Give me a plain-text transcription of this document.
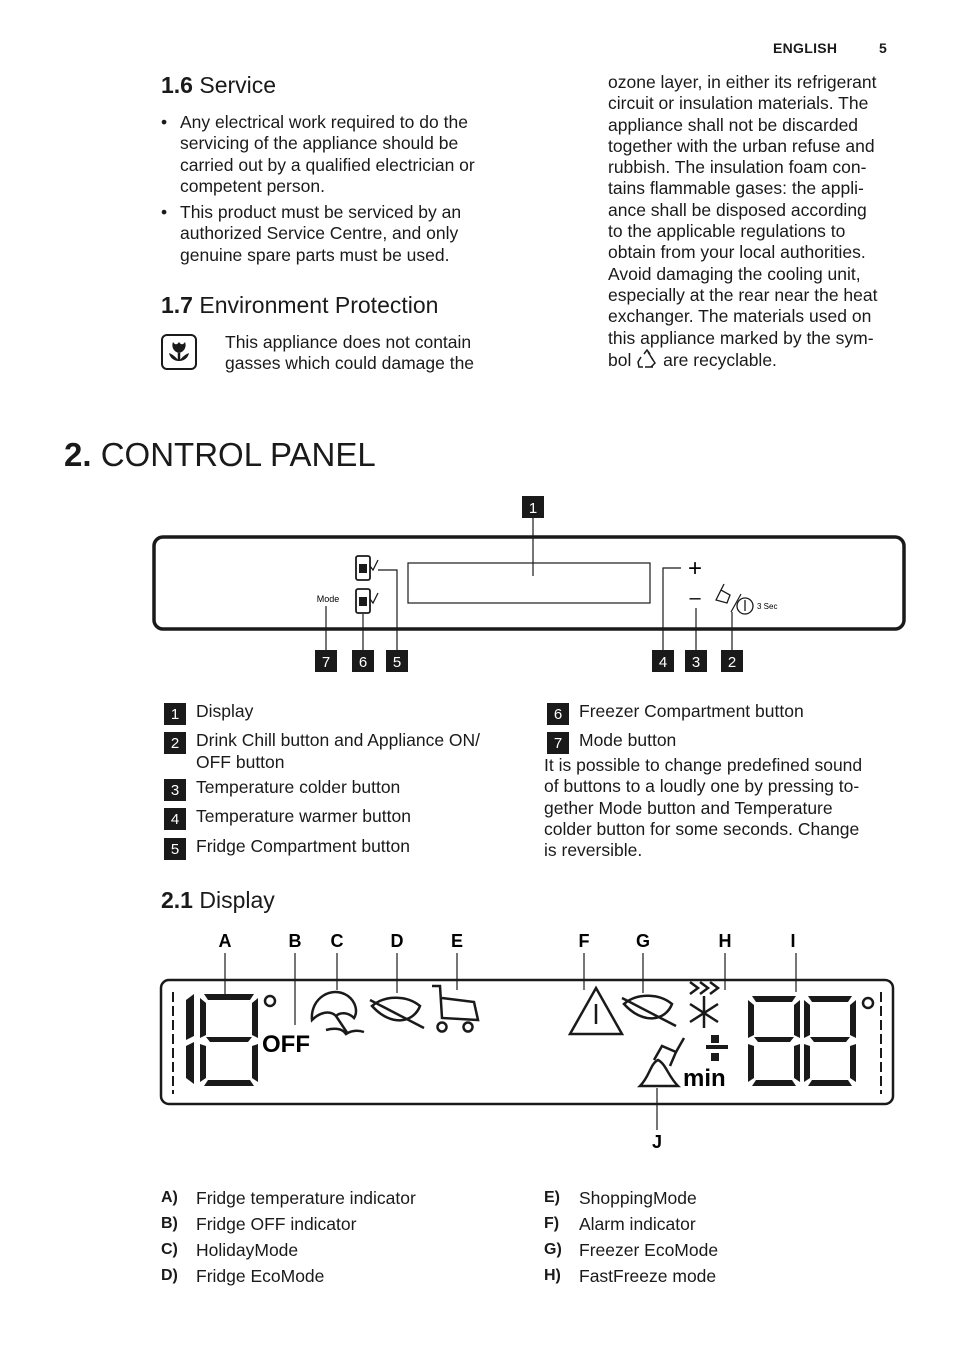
ENGLISH	5
1.6 Service
• Any electrical work required to do the
servicing of the appliance should be
carried out by a qualified electrician or
competent person.
• This product must be serviced by an
authorized Service Centre, and only
genuine spare parts must be used.
1.7 Environment Protection
This appliance does not contain
gasses which could damage the
ozone layer, in either its refrigerant
circuit or insulation materials. The
appliance shall not be discarded
together with the urban refuse and
rubbish. The insulation foam con-
tains flammable gases: the appli-
ance shall be disposed according
to the applicable regulations to
obtain from your local authorities.
Avoid damaging the cooling unit,
especially at the rear near the heat
exchanger. The materials used on
this appliance marked by the sym-
bol are recyclable.
2. CONTROL PANEL
1
Mode
+
–	3 Sec
7 6 5	4 3 2
1 Display
2 Drink Chill button and Appliance ON/
OFF button
3 Temperature colder button
4 Temperature warmer button
5 Fridge Compartment button
6 Freezer Compartment button
7 Mode button
It is possible to change predefined sound
of buttons to a loudly one by pressing to-
gether Mode button and Temperature
colder button for some seconds. Change
is reversible.
2.1 Display
A	B C	D	E	F	G	H	I
J
OFF
min
A)	Fridge temperature indicator
B)	Fridge OFF indicator
C)	HolidayMode
D)	Fridge EcoMode
E)	ShoppingMode
F)	Alarm indicator
G) Freezer EcoMode
H)	FastFreeze mode
